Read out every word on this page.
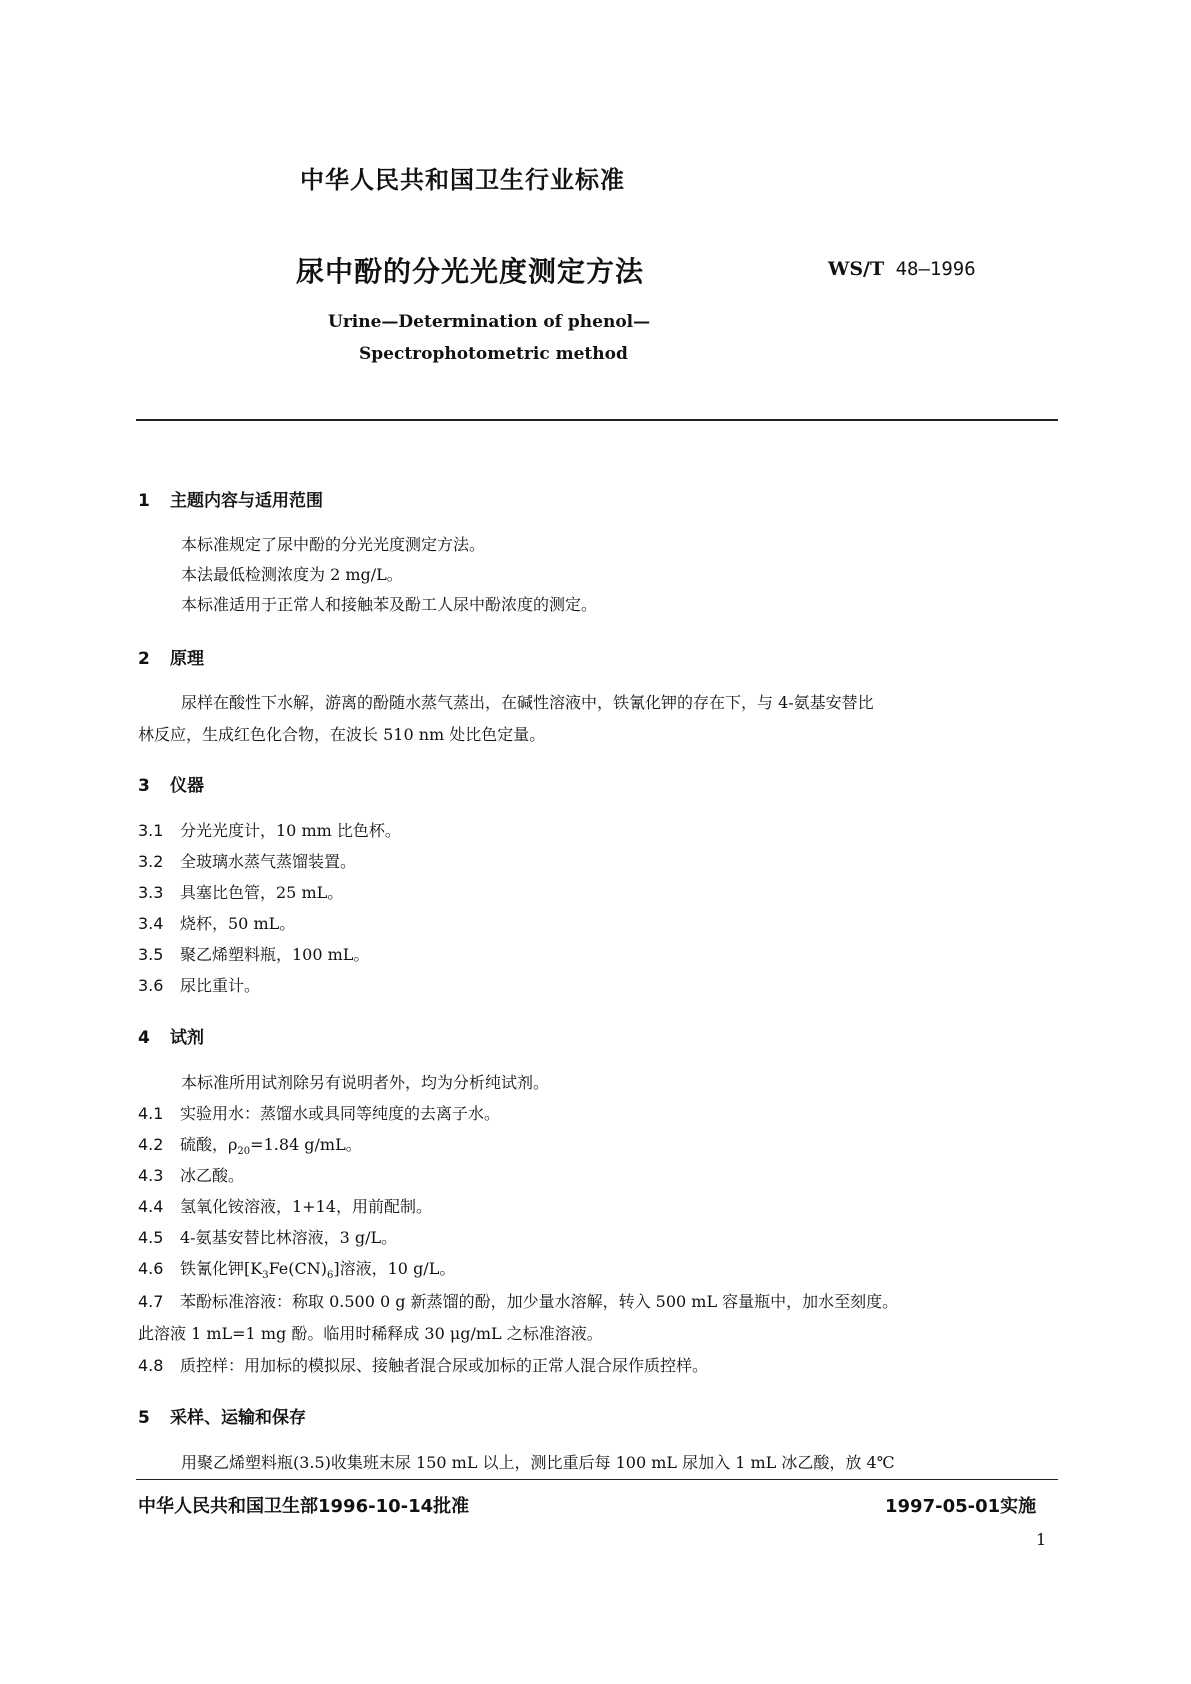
中华人民共和国卫生行业标准
尿中酚的分光光度测定方法	WS/T 48—1996
Urine—Determination of phenol—
Spectrophotometric method
1 主题内容与适用范围
本标准规定了尿中酚的分光光度测定方法。
本法最低检测浓度为 2 mg/L。
本标准适用于正常人和接触苯及酚工人尿中酚浓度的测定。
2 原理
尿样在酸性下水解，游离的酚随水蒸气蒸出，在碱性溶液中，铁氰化钾的存在下，与 4-氨基安替比
林反应，生成红色化合物，在波长 510 nm 处比色定量。
3 仪器
3.1 分光光度计，10 mm 比色杯。
3.2 全玻璃水蒸气蒸馏装置。
3.3 具塞比色管，25 mL。
3.4 烧杯，50 mL。
3.5 聚乙烯塑料瓶，100 mL。
3.6 尿比重计。
4 试剂
本标准所用试剂除另有说明者外，均为分析纯试剂。
4.1 实验用水：蒸馏水或具同等纯度的去离子水。
4.2 硫酸，$\rho_{20}=1.84$ g/mL。
4.3 冰乙酸。
4.4 氢氧化铵溶液，1+14，用前配制。
4.5 4-氨基安替比林溶液，3 g/L。
4.6 铁氰化钾$[K_3Fe(CN)_6]$溶液，10 g/L。
4.7 苯酚标准溶液：称取 0.500 0 g 新蒸馏的酚，加少量水溶解，转入 500 mL 容量瓶中，加水至刻度。
此溶液 1 mL=1 mg 酚。临用时稀释成 30 μg/mL 之标准溶液。
4.8 质控样：用加标的模拟尿、接触者混合尿或加标的正常人混合尿作质控样。
5 采样、运输和保存
用聚乙烯塑料瓶(3.5)收集班末尿 150 mL 以上，测比重后每 100 mL 尿加入 1 mL 冰乙酸，放 4℃
中华人民共和国卫生部1996-10-14批准	1997-05-01实施
1
